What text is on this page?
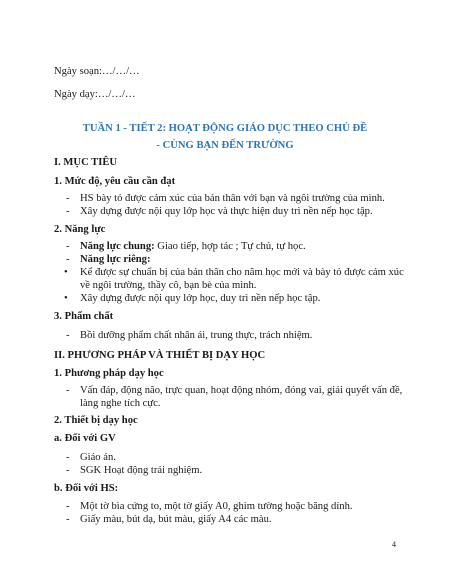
Ngày soạn:…/…/…
Ngày dạy:…/…/…
TUẦN 1 - TIẾT 2: HOẠT ĐỘNG GIÁO DỤC THEO CHỦ ĐỀ
- CÙNG BẠN ĐẾN TRƯỜNG
I. MỤC TIÊU
1. Mức độ, yêu cầu cần đạt
- HS bày tỏ được cảm xúc của bản thân với bạn và ngôi trường của mình.
- Xây dựng được nội quy lớp học và thực hiện duy trì nền nếp học tập.
2. Năng lực
- Năng lực chung: Giao tiếp, hợp tác ; Tự chủ, tự học.
- Năng lực riêng:
• Kể được sự chuẩn bị của bản thân cho năm học mới và bày tỏ được cảm xúc
về ngôi trường, thầy cô, bạn bè của mình.
• Xây dựng được nội quy lớp học, duy trì nền nếp học tập.
3. Phẩm chất
- Bồi dưỡng phẩm chất nhân ái, trung thực, trách nhiệm.
II. PHƯƠNG PHÁP VÀ THIẾT BỊ DẠY HỌC
1. Phương pháp dạy học
- Vấn đáp, động não, trực quan, hoạt động nhóm, đóng vai, giải quyết vấn đề,
làng nghe tích cực.
2. Thiết bị dạy học
a. Đối với GV
- Giáo án.
- SGK Hoạt động trải nghiệm.
b. Đối với HS:
- Một tờ bìa cứng to, một tờ giấy A0, ghim tường hoặc băng dính.
- Giấy màu, bút dạ, bút màu, giấy A4 các màu.
4
